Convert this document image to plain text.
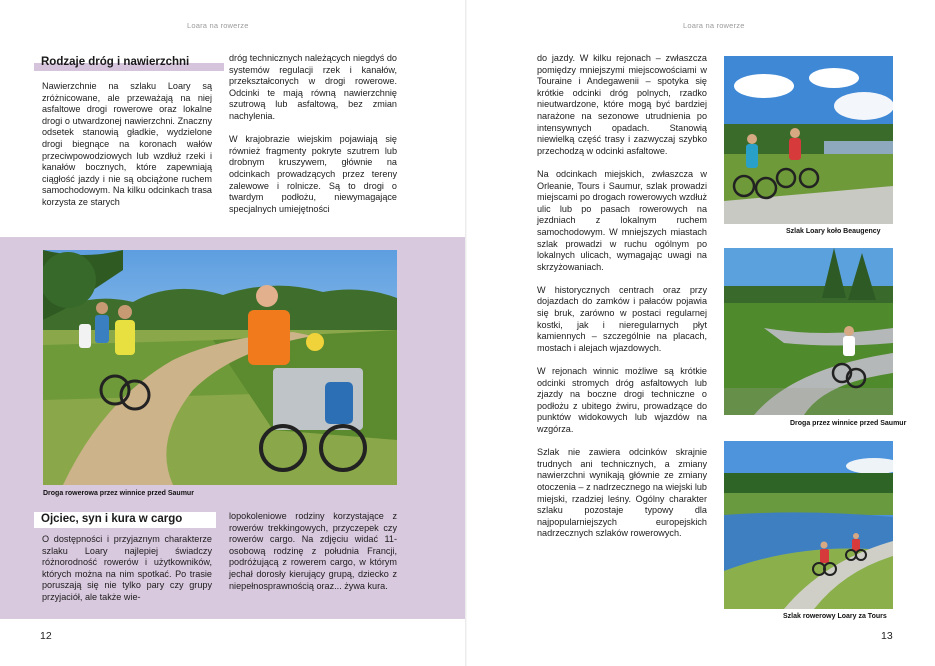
Loara na rowerze
Rodzaje dróg i nawierzchni

Nawierzchnie na szlaku Loary są zróżnicowane, ale przeważają na niej asfaltowe drogi rowerowe oraz lokalne drogi o utwardzonej nawierzchni. Znaczny odsetek stanowią gładkie, wydzielone drogi biegnące na koronach wałów przeciwpowodziowych lub wzdłuż rzeki i kanałów bocznych, które zapewniają ciągłość jazdy i nie są obciążone ruchem samochodowym. Na kilku odcinkach trasa korzysta ze starych

dróg technicznych należących niegdyś do systemów regulacji rzek i kanałów, przekształconych w drogi rowerowe. Odcinki te mają równą nawierzchnię szutrową lub asfaltową, bez zmian nachylenia.

W krajobrazie wiejskim pojawiają się również fragmenty pokryte szutrem lub drobnym kruszywem, głównie na odcinkach prowadzących przez tereny zalewowe i rolnicze. Są to drogi o twardym podłożu, niewymagające specjalnych umiejętności

Droga rowerowa przez winnice przed Saumur
Ojciec, syn i kura w cargo

O dostępności i przyjaznym charakterze szlaku Loary najlepiej świadczy różnorodność rowerów i użytkowników, których można na nim spotkać. Po trasie poruszają się nie tylko pary czy grupy przyjaciół, ale także wie-

lopokoleniowe rodziny korzystające z rowerów trekkingowych, przyczepek czy rowerów cargo. Na zdjęciu widać 11-osobową rodzinę z południa Francji, podróżującą z rowerem cargo, w którym jechał dorosły kierujący grupą, dziecko z niepełnosprawnością oraz... żywa kura.

12
Loara na rowerze

do jazdy. W kilku rejonach – zwłaszcza pomiędzy mniejszymi miejscowościami w Touraine i Andegawenii – spotyka się krótkie odcinki dróg polnych, rzadko nieutwardzone, które mogą być bardziej narażone na sezonowe utrudnienia po intensywnych opadach. Stanowią niewielką część trasy i zazwyczaj szybko przechodzą w odcinki asfaltowe.

Na odcinkach miejskich, zwłaszcza w Orleanie, Tours i Saumur, szlak prowadzi miejscami po drogach rowerowych wzdłuż ulic lub po pasach rowerowych na jezdniach z lokalnym ruchem samochodowym. W mniejszych miastach szlak prowadzi w ruchu ogólnym po lokalnych ulicach, wymagając uwagi na skrzyżowaniach.

W historycznych centrach oraz przy dojazdach do zamków i pałaców pojawia się bruk, zarówno w postaci regularnej kostki, jak i nieregularnych płyt kamiennych – szczególnie na placach, mostach i alejach wjazdowych.

W rejonach winnic możliwe są krótkie odcinki stromych dróg asfaltowych lub zjazdy na boczne drogi techniczne o podłożu z ubitego żwiru, prowadzące do punktów widokowych lub wjazdów na wzgórza.

Szlak nie zawiera odcinków skrajnie trudnych ani technicznych, a zmiany nawierzchni wynikają głównie ze zmiany otoczenia – z nadrzecznego na wiejski lub miejski, rzadziej leśny. Ogólny charakter szlaku pozostaje typowy dla najpopularniejszych europejskich nadrzecznych szlaków rowerowych.

Szlak Loary koło Beaugency
Droga przez winnice przed Saumur
Szlak rowerowy Loary za Tours
13
